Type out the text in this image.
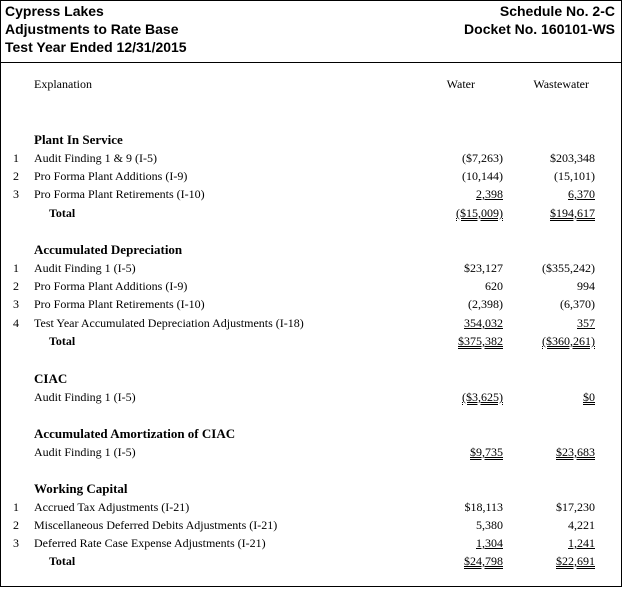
Cypress Lakes
Adjustments to Rate Base
Test Year Ended 12/31/2015
Schedule No. 2-C
Docket No. 160101-WS
Explanation	Water	Wastewater
Plant In Service
1 Audit Finding 1 & 9 (I-5)	($7,263)	$203,348
2 Pro Forma Plant Additions (I-9)	(10,144)	(15,101)
3 Pro Forma Plant Retirements (I-10)	2,398	6,370
Total	($15,009)	$194,617
Accumulated Depreciation
1 Audit Finding 1 (I-5)	$23,127	($355,242)
2 Pro Forma Plant Additions (I-9)	620	994
3 Pro Forma Plant Retirements (I-10)	(2,398)	(6,370)
4 Test Year Accumulated Depreciation Adjustments (I-18)	354,032	357
Total	$375,382	($360,261)
CIAC
Audit Finding 1 (I-5)	($3,625)	$0
Accumulated Amortization of CIAC
Audit Finding 1 (I-5)	$9,735	$23,683
Working Capital
1 Accrued Tax Adjustments (I-21)	$18,113	$17,230
2 Miscellaneous Deferred Debits Adjustments (I-21)	5,380	4,221
3 Deferred Rate Case Expense Adjustments (I-21)	1,304	1,241
Total	$24,798	$22,691
